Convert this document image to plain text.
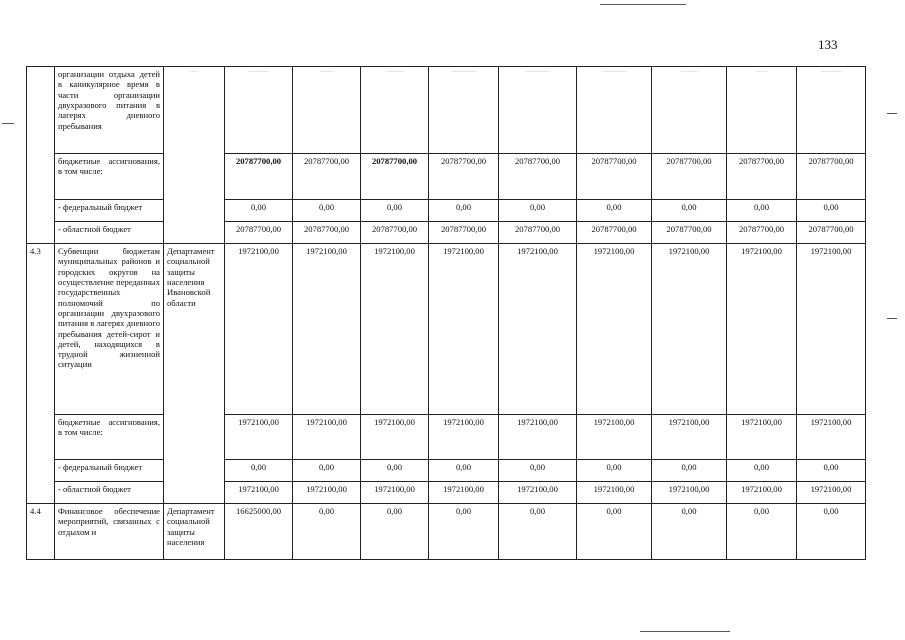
133
	организации отдыха детей в каникулярное время в части организации двухразового питания в лагерях дневного пребывания	– –	– – – – – –	– – – –	– – – – –	– – – – – – –	– – – – – – –	– – – – – – –	– – – – –	– – –	– – – – – –
	бюджетные ассигнования, в том числе:		20787700,00	20787700,00	20787700,00	20787700,00	20787700,00	20787700,00	20787700,00	20787700,00	20787700,00
	- федеральный бюджет		0,00	0,00	0,00	0,00	0,00	0,00	0,00	0,00	0,00
	- областной бюджет		20787700,00	20787700,00	20787700,00	20787700,00	20787700,00	20787700,00	20787700,00	20787700,00	20787700,00
4.3	Субвенции бюджетам муниципальных районов и городских округов на осуществление переданных государственных полномочий по организации двухразового питания в лагерях дневного пребывания детей-сирот и детей, находящихся в трудной жизненной ситуации	Департамент социальной защиты населения Ивановской области	1972100,00	1972100,00	1972100,00	1972100,00	1972100,00	1972100,00	1972100,00	1972100,00	1972100,00
	бюджетные ассигнования, в том числе:		1972100,00	1972100,00	1972100,00	1972100,00	1972100,00	1972100,00	1972100,00	1972100,00	1972100,00
	- федеральный бюджет		0,00	0,00	0,00	0,00	0,00	0,00	0,00	0,00	0,00
	- областной бюджет		1972100,00	1972100,00	1972100,00	1972100,00	1972100,00	1972100,00	1972100,00	1972100,00	1972100,00
4.4	Финансовое обеспечение мероприятий, связанных с отдыхом и	Департамент социальной защиты населения	16625000,00	0,00	0,00	0,00	0,00	0,00	0,00	0,00	0,00
